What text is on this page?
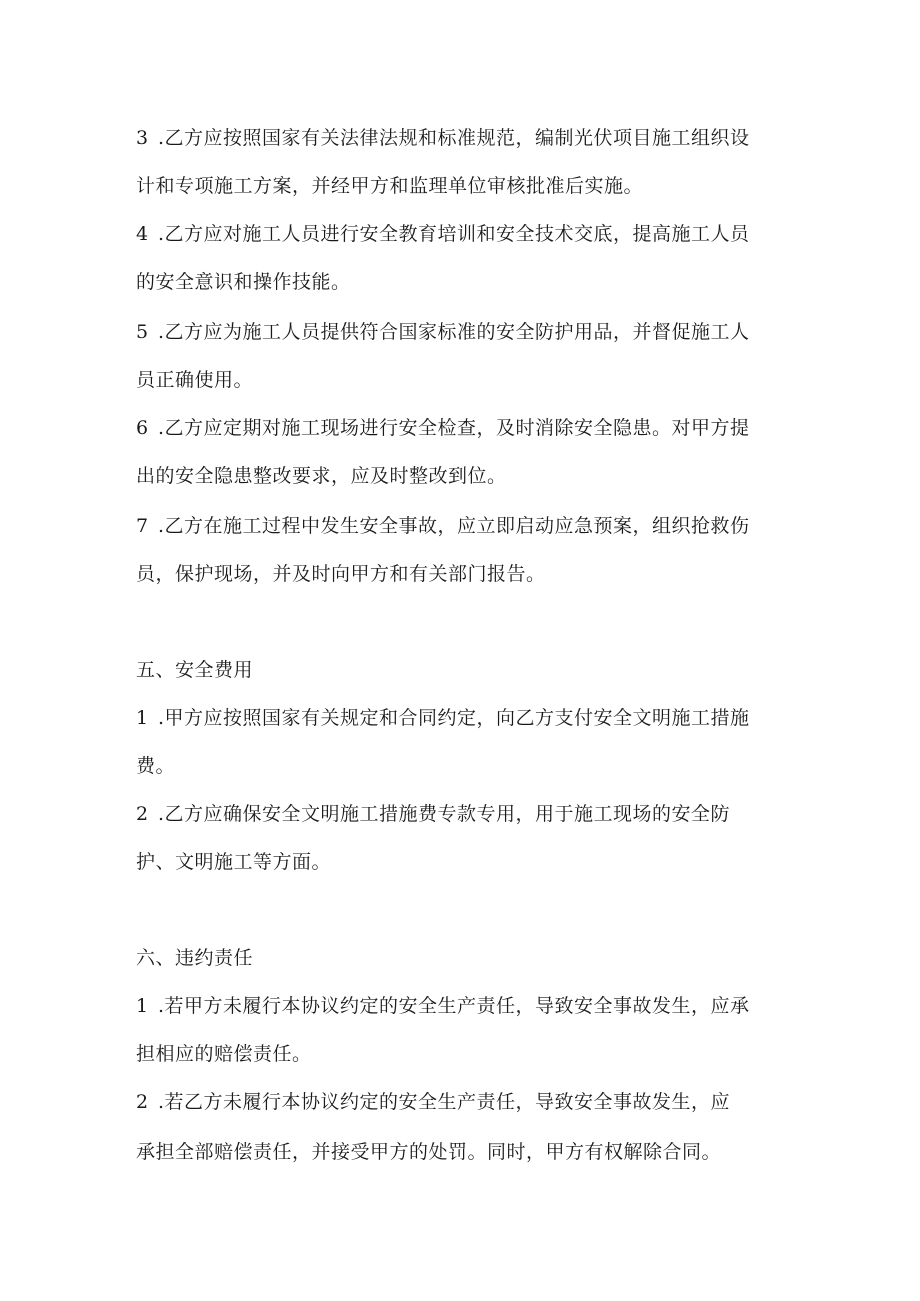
3 .乙方应按照国家有关法律法规和标准规范，编制光伏项目施工组织设
计和专项施工方案，并经甲方和监理单位审核批准后实施。
4 .乙方应对施工人员进行安全教育培训和安全技术交底，提高施工人员
的安全意识和操作技能。
5 .乙方应为施工人员提供符合国家标准的安全防护用品，并督促施工人
员正确使用。
6 .乙方应定期对施工现场进行安全检查，及时消除安全隐患。对甲方提
出的安全隐患整改要求，应及时整改到位。
7 .乙方在施工过程中发生安全事故，应立即启动应急预案，组织抢救伤
员，保护现场，并及时向甲方和有关部门报告。
五、安全费用
1 .甲方应按照国家有关规定和合同约定，向乙方支付安全文明施工措施
费。
2 .乙方应确保安全文明施工措施费专款专用，用于施工现场的安全防
护、文明施工等方面。
六、违约责任
1 .若甲方未履行本协议约定的安全生产责任，导致安全事故发生，应承
担相应的赔偿责任。
2 .若乙方未履行本协议约定的安全生产责任，导致安全事故发生，应
承担全部赔偿责任，并接受甲方的处罚。同时，甲方有权解除合同。
